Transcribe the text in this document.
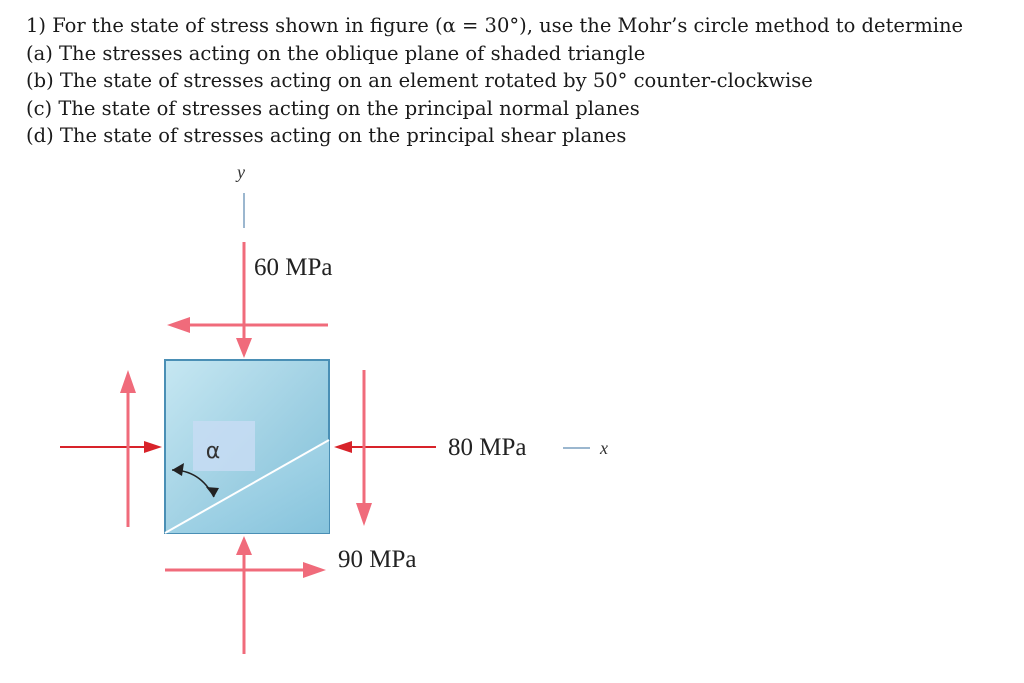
1) For the state of stress shown in figure (α = 30°), use the Mohr’s circle method to determine
(a) The stresses acting on the oblique plane of shaded triangle
(b) The state of stresses acting on an element rotated by 50° counter-clockwise
(c) The state of stresses acting on the principal normal planes
(d) The state of stresses acting on the principal shear planes
y
α
60 MPa
80 MPa	x
90 MPa
